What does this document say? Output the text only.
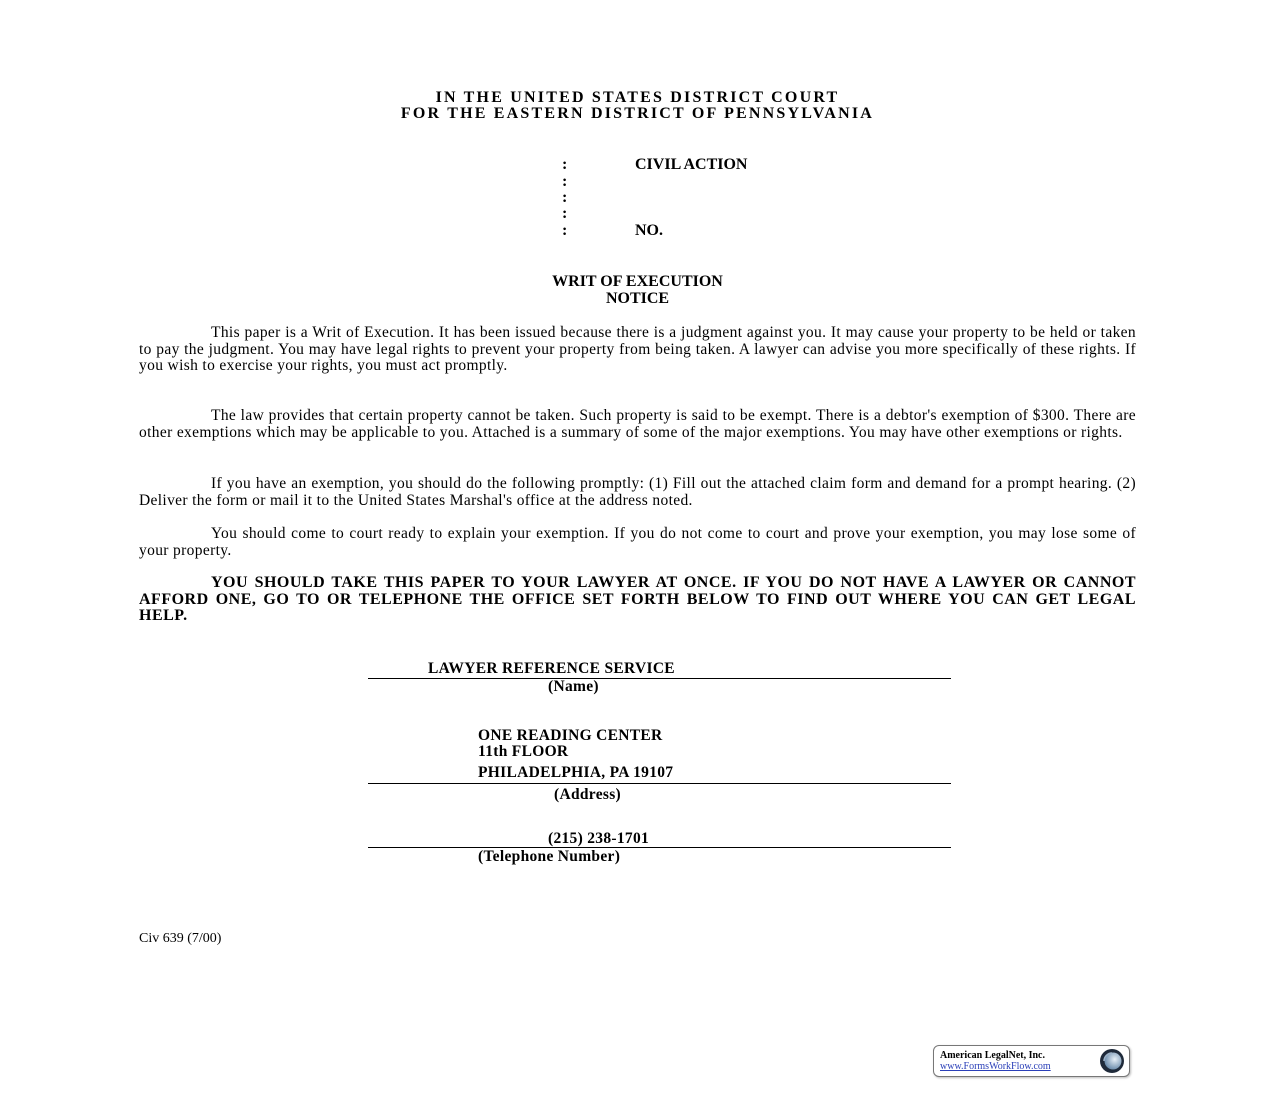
IN THE UNITED STATES DISTRICT COURT
FOR THE EASTERN DISTRICT OF PENNSYLVANIA
:
:
:
:
:
CIVIL ACTION
NO.
WRIT OF EXECUTION
NOTICE
This paper is a Writ of Execution. It has been issued because there is a judgment against you. It may cause your property to be held or taken to pay the judgment. You may have legal rights to prevent your property from being taken. A lawyer can advise you more specifically of these rights. If you wish to exercise your rights, you must act promptly.
The law provides that certain property cannot be taken. Such property is said to be exempt. There is a debtor's exemption of $300. There are other exemptions which may be applicable to you. Attached is a summary of some of the major exemptions. You may have other exemptions or rights.
If you have an exemption, you should do the following promptly: (1) Fill out the attached claim form and demand for a prompt hearing. (2) Deliver the form or mail it to the United States Marshal's office at the address noted.
You should come to court ready to explain your exemption. If you do not come to court and prove your exemption, you may lose some of your property.
YOU SHOULD TAKE THIS PAPER TO YOUR LAWYER AT ONCE. IF YOU DO NOT HAVE A LAWYER OR CANNOT AFFORD ONE, GO TO OR TELEPHONE THE OFFICE SET FORTH BELOW TO FIND OUT WHERE YOU CAN GET LEGAL HELP.
LAWYER REFERENCE SERVICE
(Name)
ONE READING CENTER
11th FLOOR
PHILADELPHIA, PA 19107
(Address)
(215) 238-1701
(Telephone Number)
Civ 639 (7/00)
American LegalNet, Inc.
www.FormsWorkFlow.com
